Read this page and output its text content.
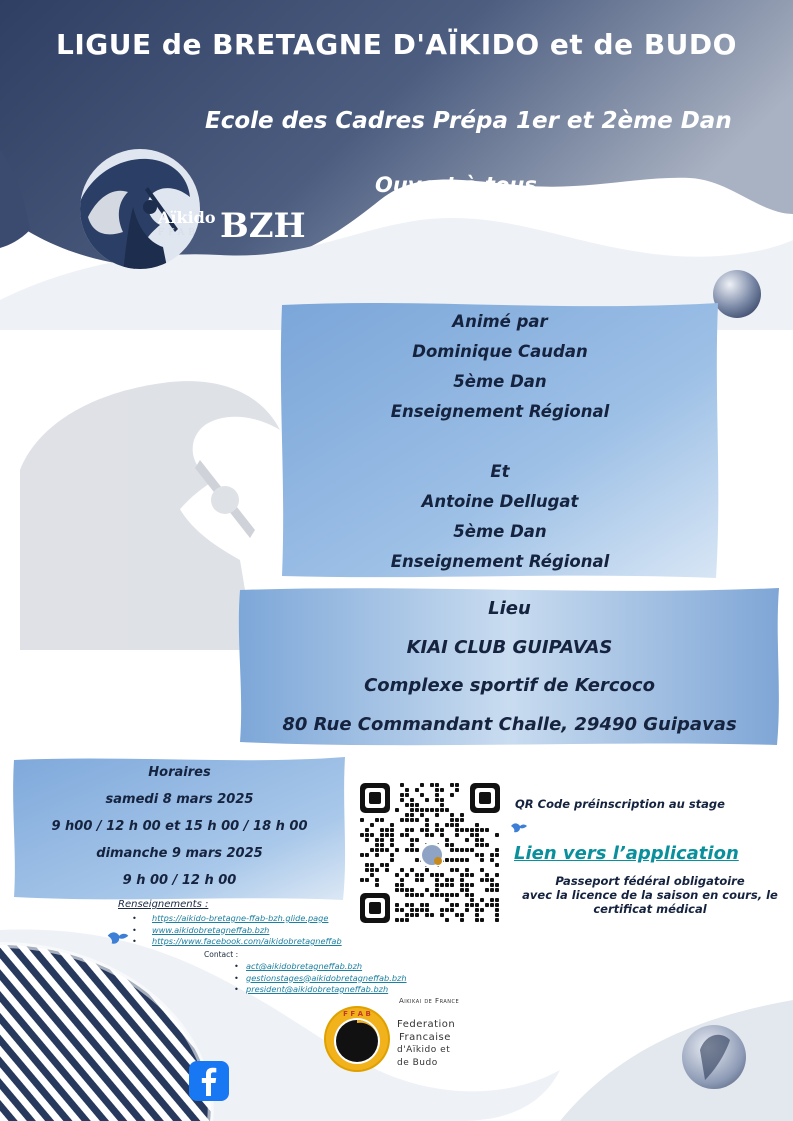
LIGUE de BRETAGNE D'AÏKIDO et de BUDO
Ecole des Cadres Prépa 1er et 2ème Dan
Ouvert à tous
Aïkido
FFAB BZH
Animé par
Dominique Caudan
5ème Dan
Enseignement Régional
Et
Antoine Dellugat
5ème Dan
Enseignement Régional
Lieu
KIAI CLUB GUIPAVAS
Complexe sportif de Kercoco
80 Rue Commandant Challe, 29490 Guipavas
Horaires
samedi 8 mars 2025
9 h00 / 12 h 00 et 15 h 00 / 18 h 00
dimanche 9 mars 2025
9 h 00 / 12 h 00
QR Code préinscription au stage
Lien vers l’application
Passeport fédéral obligatoire
avec la licence de la saison en cours, le certificat médical
Renseignements :
• https://aikido-bretagne-ffab-bzh.glide.page
• www.aikidobretagneffab.bzh
• https://www.facebook.com/aikidobretagneffab
Contact :
• act@aikidobretagneffab.bzh
• gestionstages@aikidobretagneffab.bzh
• president@aikidobretagneffab.bzh
F F A B
Aikikai de France
Federation
Francaise
d'Aïkido et
de Budo
